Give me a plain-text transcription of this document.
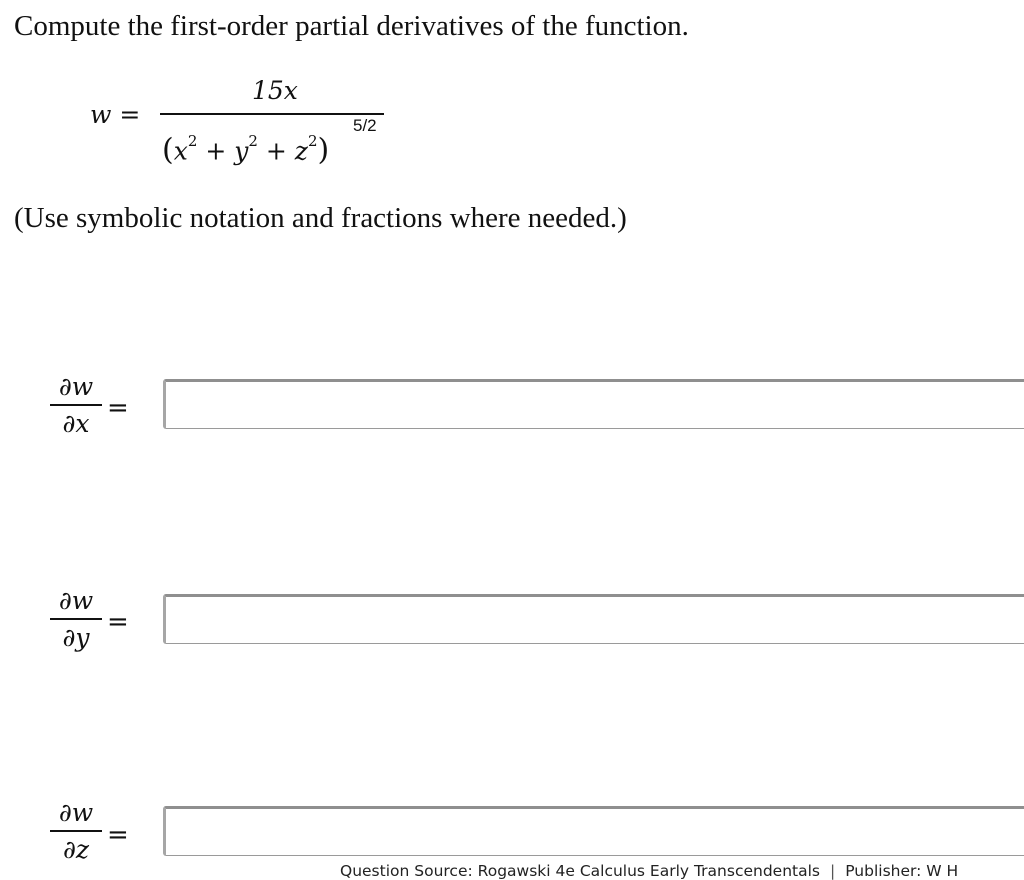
Compute the first-order partial derivatives of the function.
w =
15x
$(x^2 + y^2 + z^2)$
5/2

(Use symbolic notation and fractions where needed.)

∂w
∂x
=
∂w
∂y
=
∂w
∂z =
Question Source: Rogawski 4e Calculus Early Transcendentals | Publisher: W H
